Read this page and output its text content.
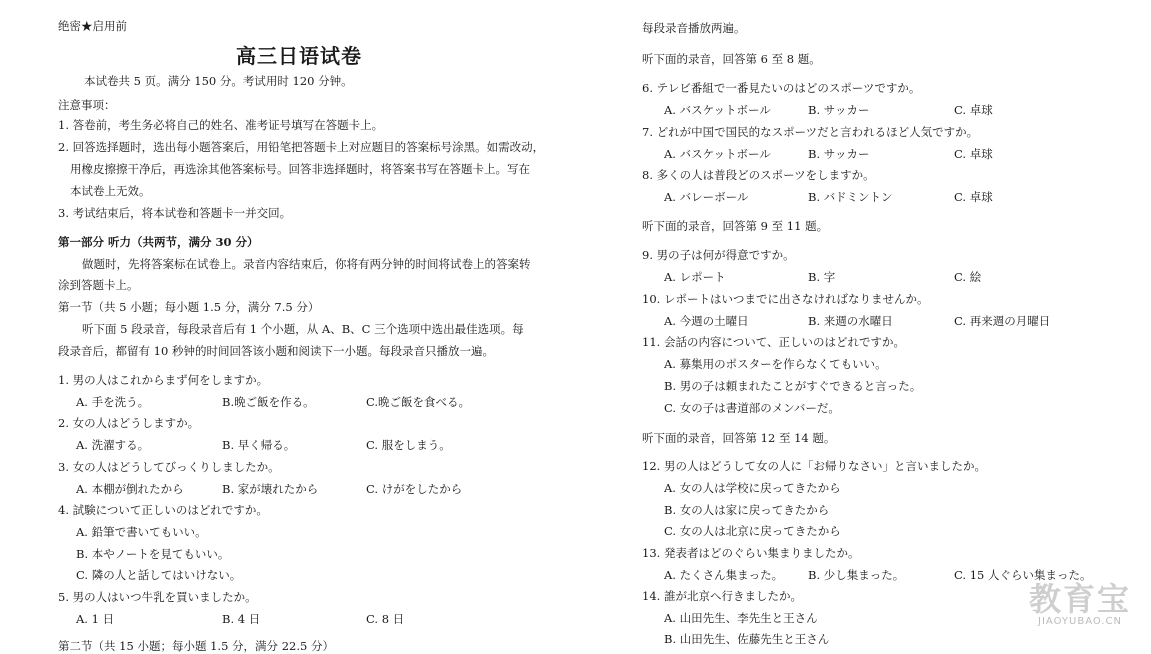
绝密★启用前
高三日语试卷
本试卷共 5 页。满分 150 分。考试用时 120 分钟。
注意事项：
1. 答卷前，考生务必将自己的姓名、准考证号填写在答题卡上。
2. 回答选择题时，选出每小题答案后，用铅笔把答题卡上对应题目的答案标号涂黑。如需改动，
用橡皮擦擦干净后，再选涂其他答案标号。回答非选择题时，将答案书写在答题卡上。写在
本试卷上无效。
3. 考试结束后，将本试卷和答题卡一并交回。
第一部分 听力（共两节，满分 30 分）
做题时，先将答案标在试卷上。录音内容结束后，你将有两分钟的时间将试卷上的答案转
涂到答题卡上。
第一节（共 5 小题；每小题 1.5 分，满分 7.5 分）
听下面 5 段录音，每段录音后有 1 个小题，从 A、B、C 三个选项中选出最佳选项。每
段录音后，都留有 10 秒钟的时间回答该小题和阅读下一小题。每段录音只播放一遍。
1. 男の人はこれからまず何をしますか。
A. 手を洗う。	B.晩ご飯を作る。	C.晩ご飯を食べる。
2. 女の人はどうしますか。
A. 洗濯する。	B. 早く帰る。	C. 服をしまう。
3. 女の人はどうしてびっくりしましたか。
A. 本棚が倒れたから	B. 家が壊れたから	C. けがをしたから
4. 試験について正しいのはどれですか。
A. 鉛筆で書いてもいい。
B. 本やノートを見てもいい。
C. 隣の人と話してはいけない。
5. 男の人はいつ牛乳を買いましたか。
A. 1 日	B. 4 日	C. 8 日
第二节（共 15 小题；每小题 1.5 分，满分 22.5 分）
每段录音播放两遍。
听下面的录音，回答第 6 至 8 题。
6. テレビ番組で一番見たいのはどのスポーツですか。
A. バスケットボール	B. サッカー	C. 卓球
7. どれが中国で国民的なスポーツだと言われるほど人気ですか。
A. バスケットボール	B. サッカー	C. 卓球
8. 多くの人は普段どのスポーツをしますか。
A. バレーボール	B. バドミントン	C. 卓球
听下面的录音，回答第 9 至 11 题。
9. 男の子は何が得意ですか。
A. レポート	B. 字	C. 絵
10. レポートはいつまでに出さなければなりませんか。
A. 今週の土曜日	B. 来週の水曜日	C. 再来週の月曜日
11. 会話の内容について、正しいのはどれですか。
A. 募集用のポスターを作らなくてもいい。
B. 男の子は頼まれたことがすぐできると言った。
C. 女の子は書道部のメンバーだ。
听下面的录音，回答第 12 至 14 题。
12. 男の人はどうして女の人に「お帰りなさい」と言いましたか。
A. 女の人は学校に戻ってきたから
B. 女の人は家に戻ってきたから
C. 女の人は北京に戻ってきたから
13. 発表者はどのぐらい集まりましたか。
A. たくさん集まった。 B. 少し集まった。	C. 15 人ぐらい集まった。
14. 誰が北京へ行きましたか。
A. 山田先生、李先生と王さん
B. 山田先生、佐藤先生と王さん
教育宝
JIAOYUBAO.CN
